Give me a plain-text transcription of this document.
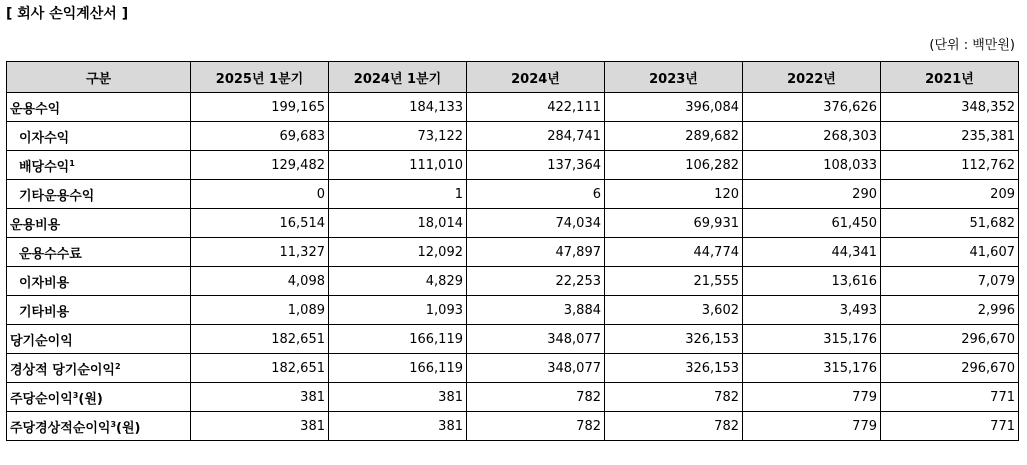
[ 회사 손익계산서 ]
(단위 : 백만원)
구분	2025년 1분기	2024년 1분기	2024년	2023년	2022년	2021년
운용수익	199,165	184,133	422,111	396,084	376,626	348,352
이자수익	69,683	73,122	284,741	289,682	268,303	235,381
배당수익$^1$	129,482	111,010	137,364	106,282	108,033	112,762
기타운용수익	0	1	6	120	290	209
운용비용	16,514	18,014	74,034	69,931	61,450	51,682
운용수수료	11,327	12,092	47,897	44,774	44,341	41,607
이자비용	4,098	4,829	22,253	21,555	13,616	7,079
기타비용	1,089	1,093	3,884	3,602	3,493	2,996
당기순이익	182,651	166,119	348,077	326,153	315,176	296,670
경상적 당기순이익$^2$	182,651	166,119	348,077	326,153	315,176	296,670
주당순이익$^3$(원)	381	381	782	782	779	771
주당경상적순이익$^3$(원)	381	381	782	782	779	771
